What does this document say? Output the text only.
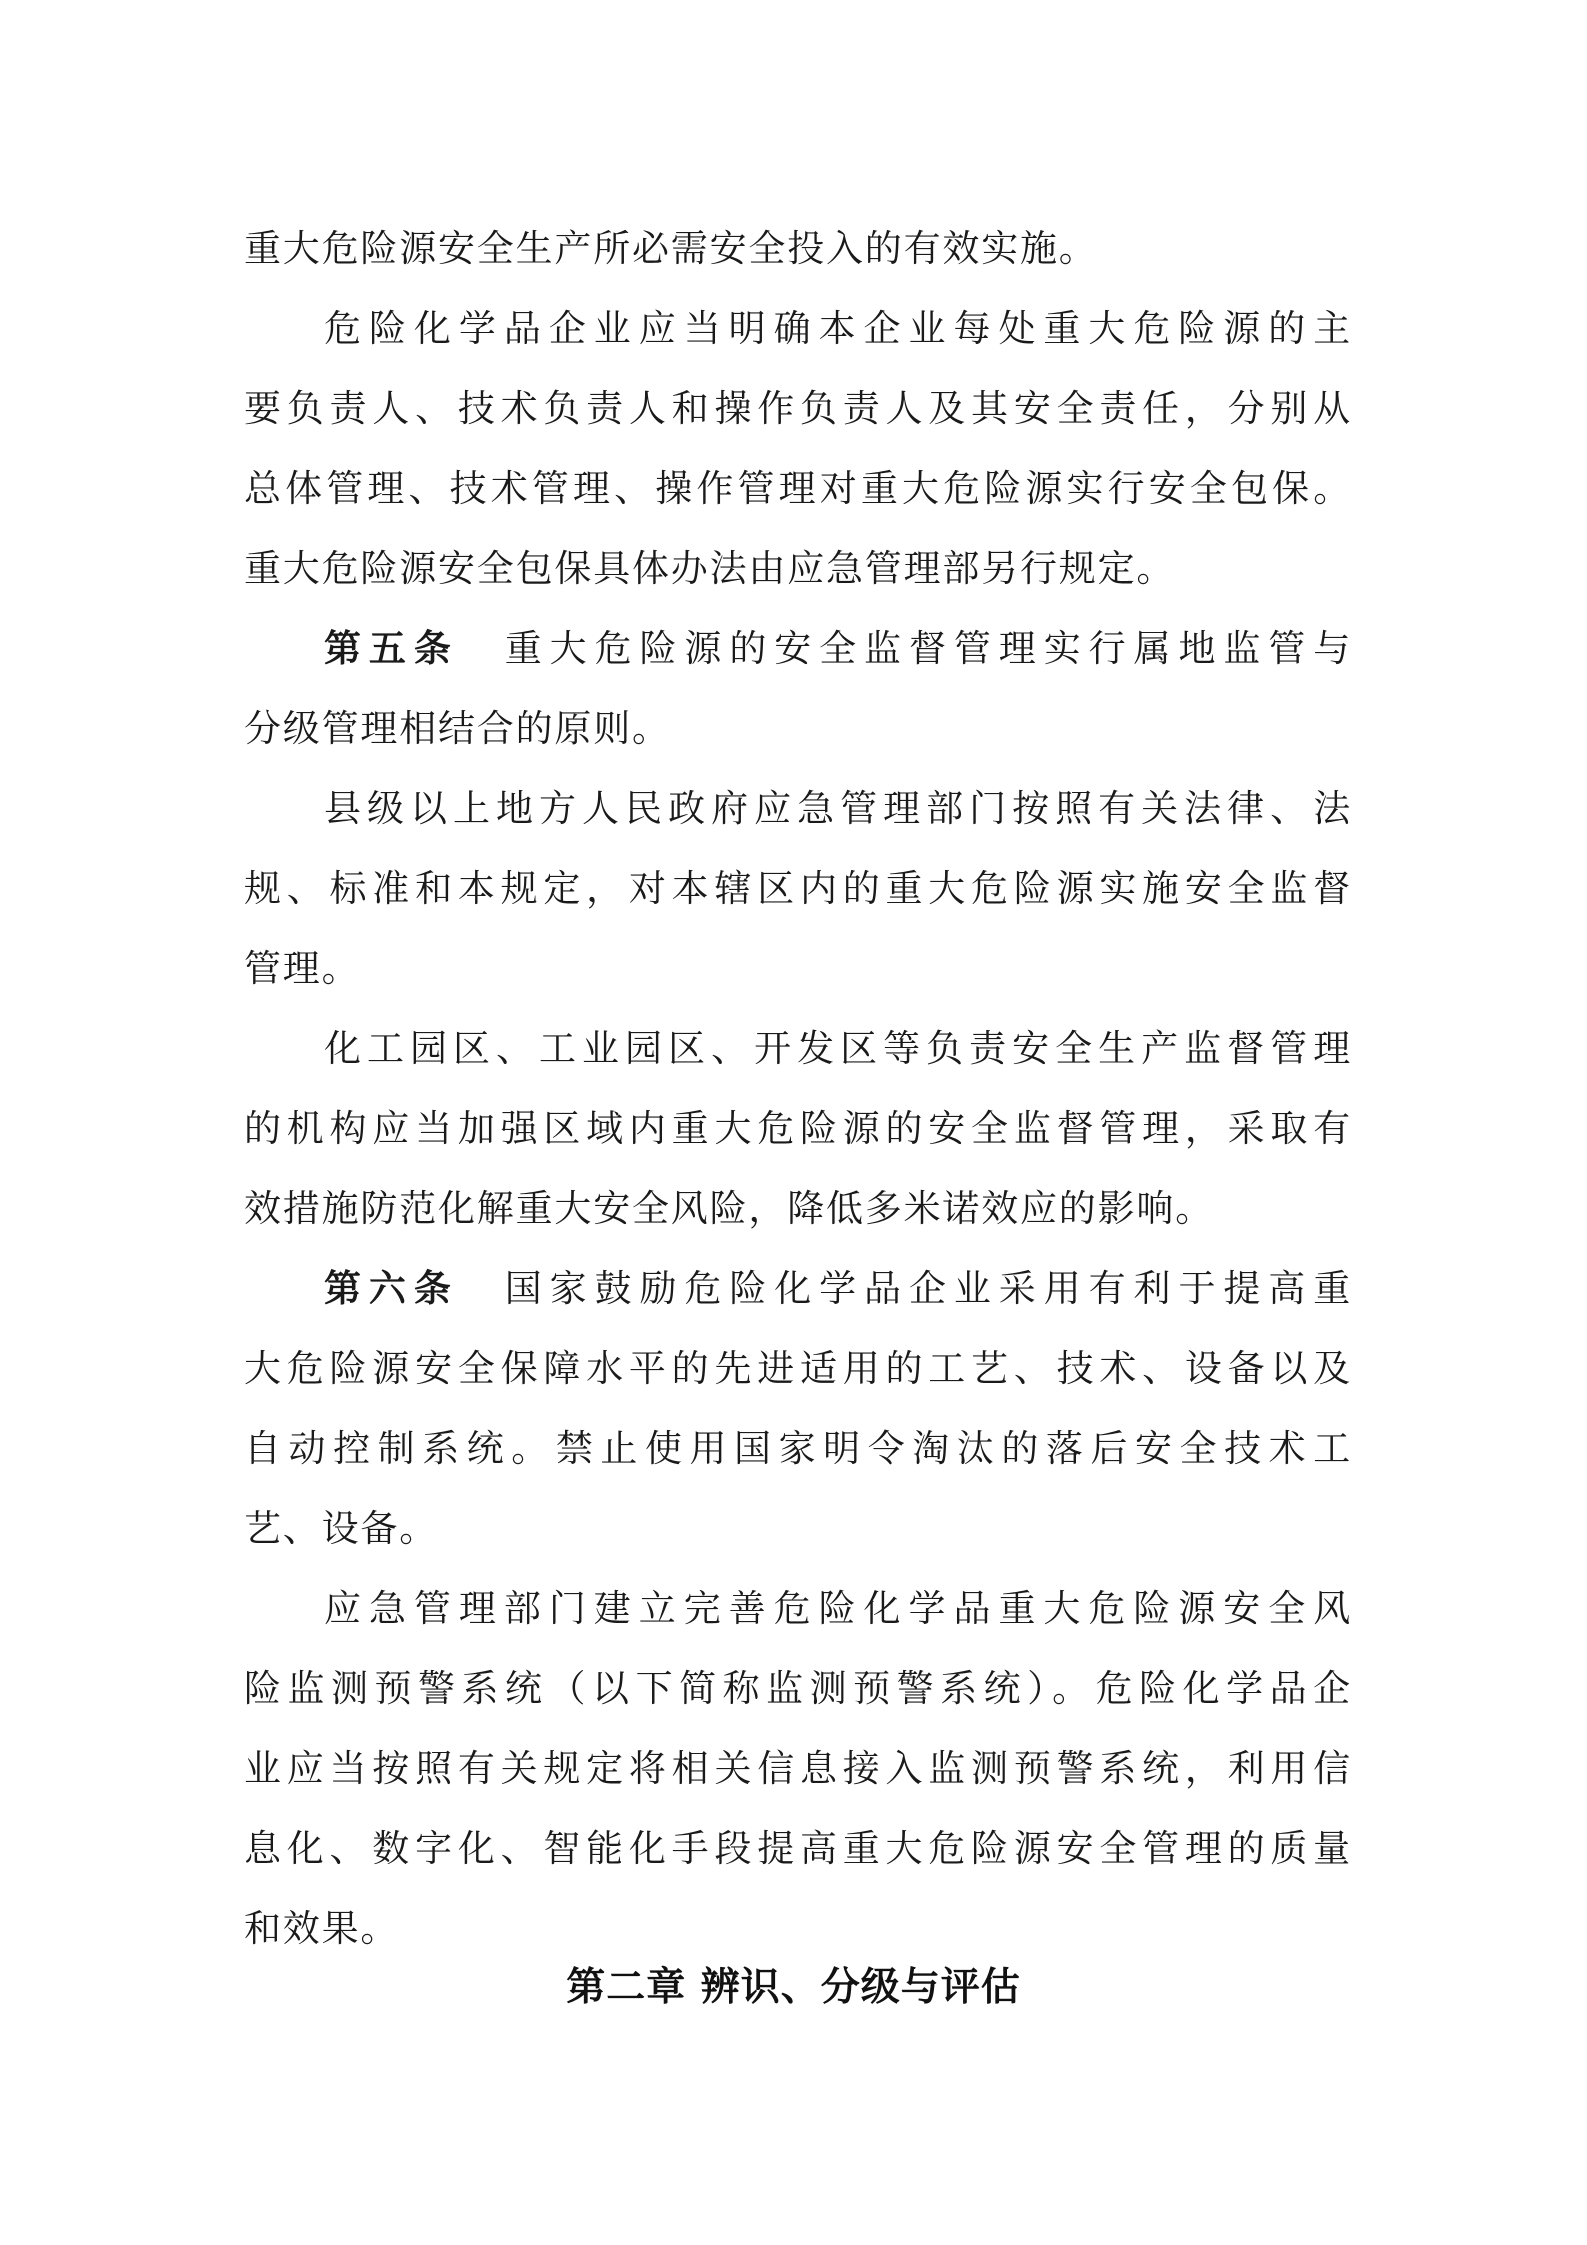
重大危险源安全生产所必需安全投入的有效实施。

危险化学品企业应当明确本企业每处重大危险源的主

要负责人、技术负责人和操作负责人及其安全责任，分别从

总体管理、技术管理、操作管理对重大危险源实行安全包保。

重大危险源安全包保具体办法由应急管理部另行规定。

第五条 重大危险源的安全监督管理实行属地监管与

分级管理相结合的原则。

县级以上地方人民政府应急管理部门按照有关法律、法

规、标准和本规定，对本辖区内的重大危险源实施安全监督

管理。

化工园区、工业园区、开发区等负责安全生产监督管理

的机构应当加强区域内重大危险源的安全监督管理，采取有

效措施防范化解重大安全风险，降低多米诺效应的影响。

第六条 国家鼓励危险化学品企业采用有利于提高重

大危险源安全保障水平的先进适用的工艺、技术、设备以及

自动控制系统。禁止使用国家明令淘汰的落后安全技术工

艺、设备。

应急管理部门建立完善危险化学品重大危险源安全风

险监测预警系统（以下简称监测预警系统）。危险化学品企

业应当按照有关规定将相关信息接入监测预警系统，利用信

息化、数字化、智能化手段提高重大危险源安全管理的质量

和效果。

第二章 辨识、分级与评估
